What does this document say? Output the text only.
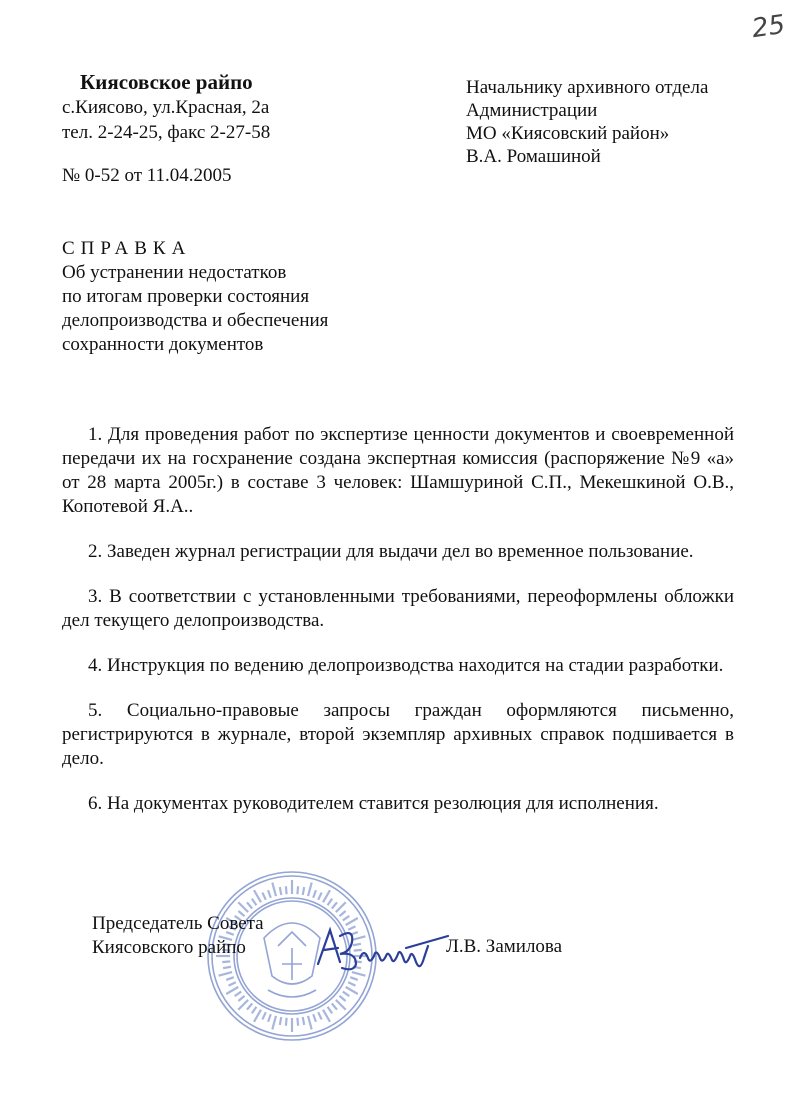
25
Киясовское райпо
с.Киясово, ул.Красная, 2а
тел. 2-24-25, факс 2-27-58
№ 0-52 от 11.04.2005
Начальнику архивного отдела
Администрации
МО «Киясовский район»
В.А. Ромашиной
СПРАВКА
Об устранении недостатков
по итогам проверки состояния
делопроизводства и обеспечения
сохранности документов

1. Для проведения работ по экспертизе ценности документов и своевременной передачи их на госхранение создана экспертная комиссия (распоряжение №9 «а» от 28 марта 2005г.) в составе 3 человек: Шамшуриной С.П., Мекешкиной О.В., Копотевой Я.А..

2. Заведен журнал регистрации для выдачи дел во временное пользование.

3. В соответствии с установленными требованиями, переоформлены обложки дел текущего делопроизводства.

4. Инструкция по ведению делопроизводства находится на стадии разработки.

5. Социально-правовые запросы граждан оформляются письменно, регистрируются в журнале, второй экземпляр архивных справок подшивается в дело.

6. На документах руководителем ставится резолюция для исполнения.

Председатель Совета
Киясовского райпо	Л.В. Замилова
